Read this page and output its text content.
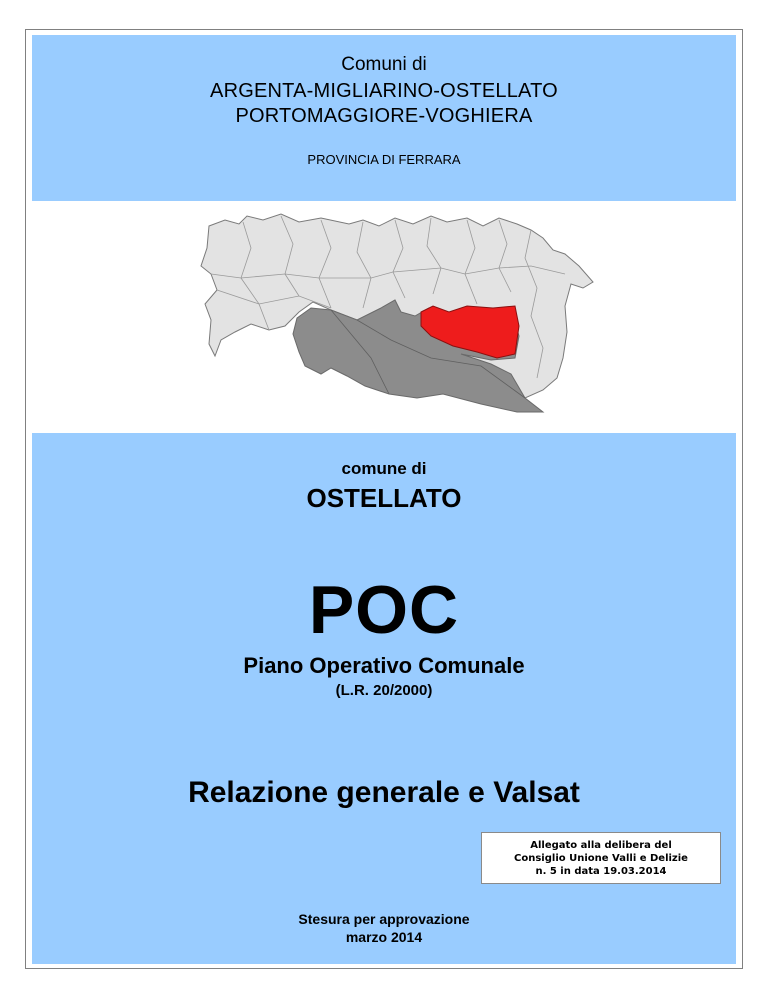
Comuni di
ARGENTA-MIGLIARINO-OSTELLATO
PORTOMAGGIORE-VOGHIERA
PROVINCIA DI FERRARA
comune di
OSTELLATO
POC
Piano Operativo Comunale
(L.R. 20/2000)
Relazione generale e Valsat
Allegato alla delibera del
Consiglio Unione Valli e Delizie
n. 5 in data 19.03.2014
Stesura per approvazione
marzo 2014
